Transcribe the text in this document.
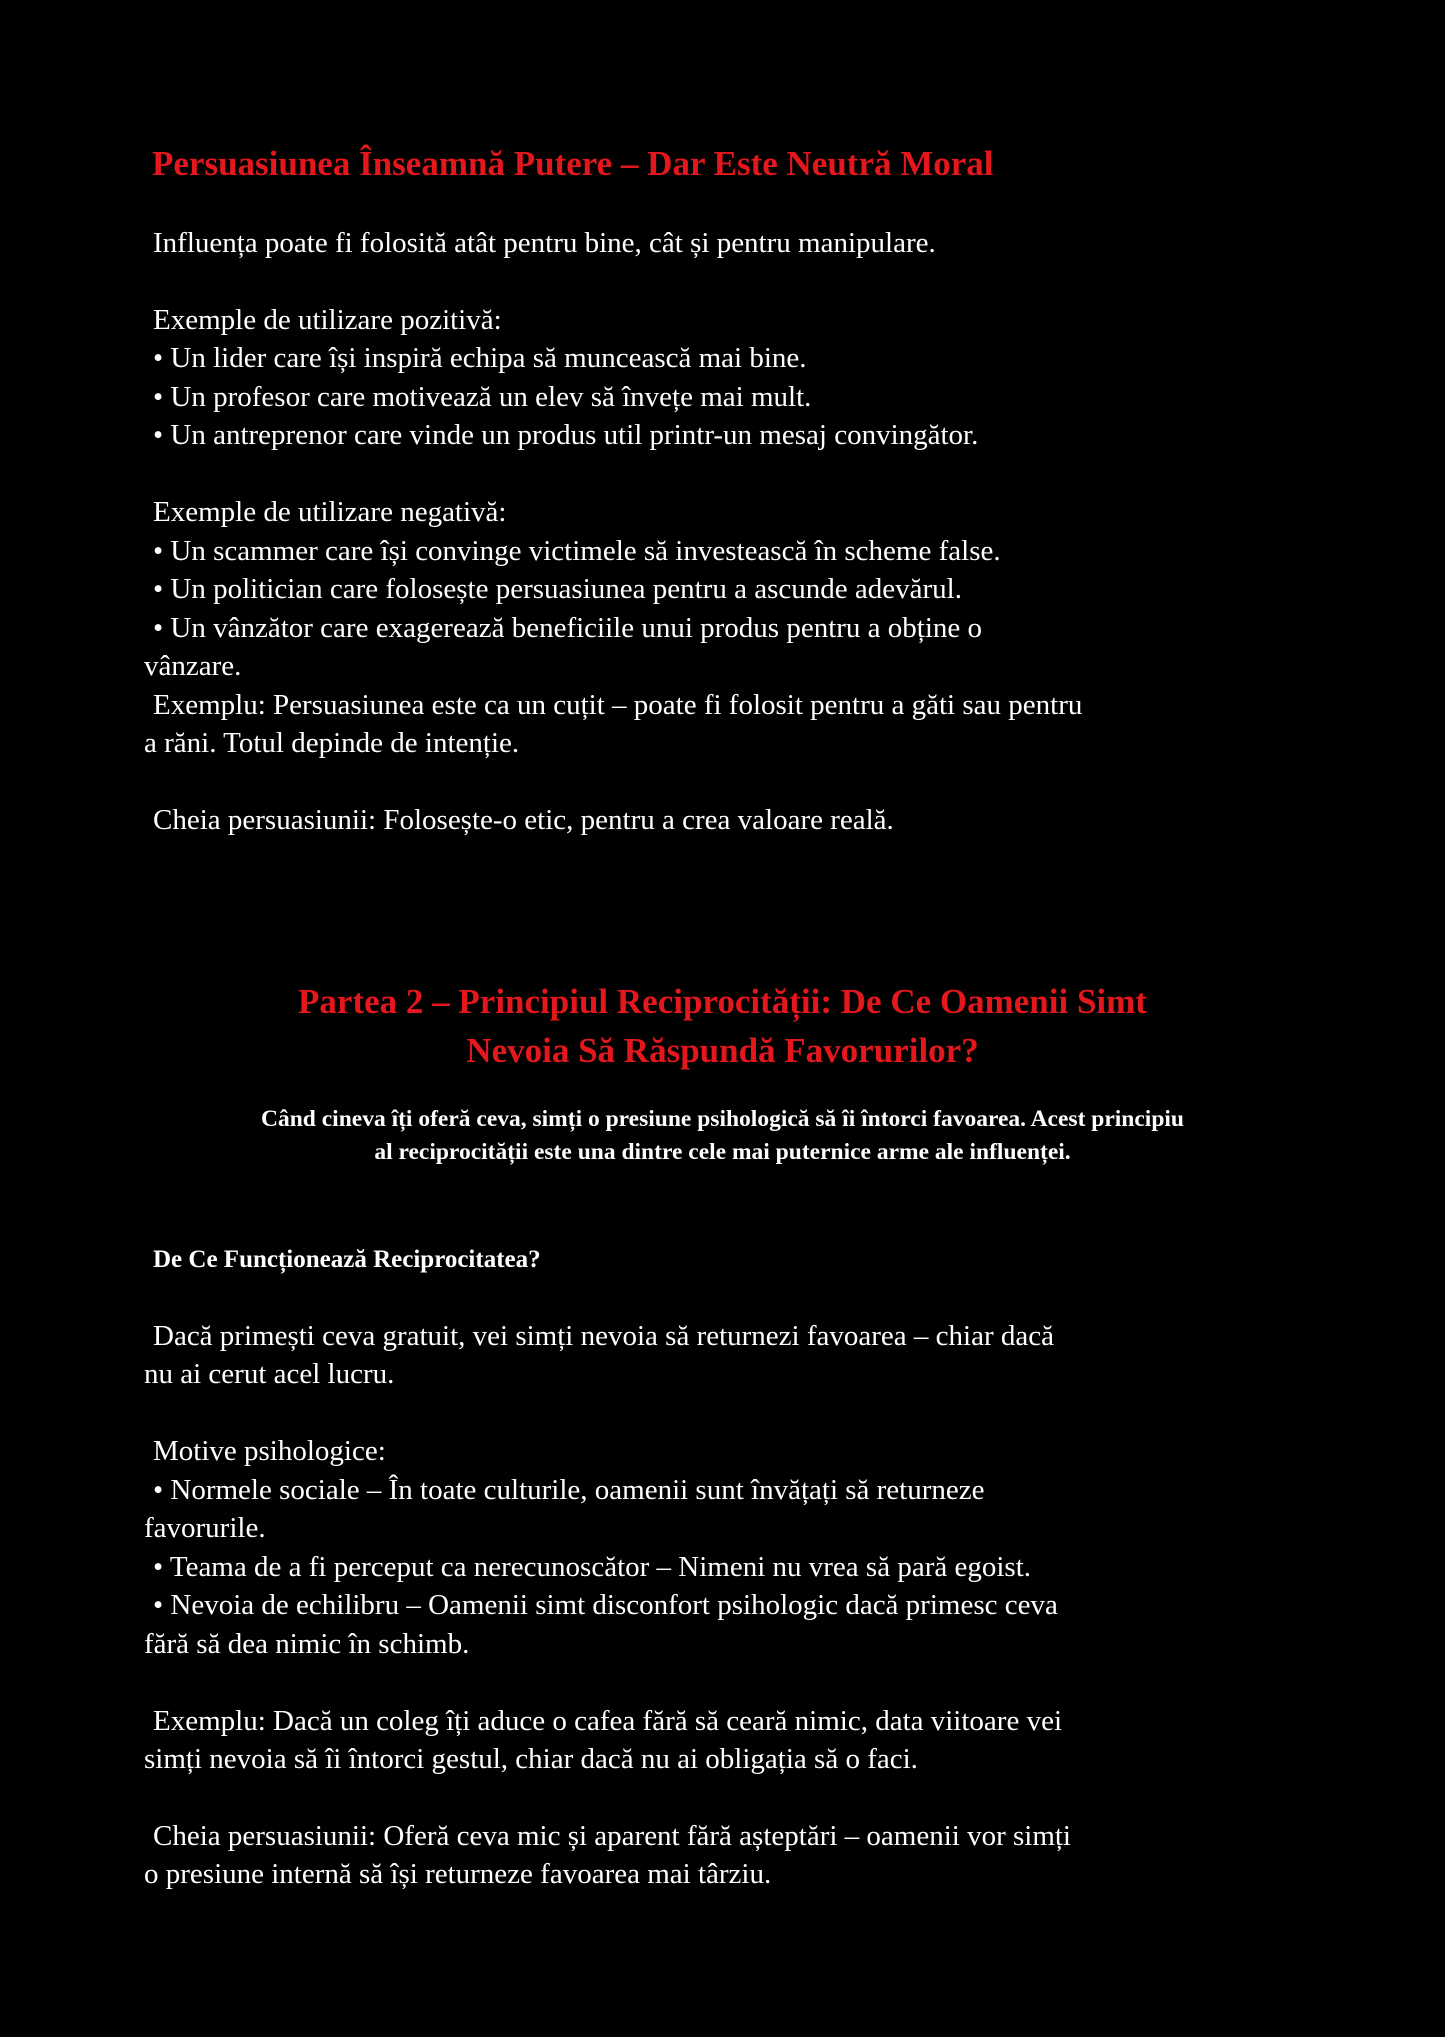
Persuasiunea Înseamnă Putere – Dar Este Neutră Moral
Influența poate fi folosită atât pentru bine, cât și pentru manipulare.
Exemple de utilizare pozitivă:
• Un lider care își inspiră echipa să muncească mai bine.
• Un profesor care motivează un elev să învețe mai mult.
• Un antreprenor care vinde un produs util printr-un mesaj convingător.
Exemple de utilizare negativă:
• Un scammer care își convinge victimele să investească în scheme false.
• Un politician care folosește persuasiunea pentru a ascunde adevărul.
• Un vânzător care exagerează beneficiile unui produs pentru a obține o
vânzare.
Exemplu: Persuasiunea este ca un cuțit – poate fi folosit pentru a găti sau pentru
a răni. Totul depinde de intenție.
Cheia persuasiunii: Folosește-o etic, pentru a crea valoare reală.
Partea 2 – Principiul Reciprocității: De Ce Oamenii Simt
Nevoia Să Răspundă Favorurilor?
Când cineva îți oferă ceva, simți o presiune psihologică să îi întorci favoarea. Acest principiu
al reciprocității este una dintre cele mai puternice arme ale influenței.
De Ce Funcționează Reciprocitatea?
Dacă primești ceva gratuit, vei simți nevoia să returnezi favoarea – chiar dacă
nu ai cerut acel lucru.
Motive psihologice:
• Normele sociale – În toate culturile, oamenii sunt învățați să returneze
favorurile.
• Teama de a fi perceput ca nerecunoscător – Nimeni nu vrea să pară egoist.
• Nevoia de echilibru – Oamenii simt disconfort psihologic dacă primesc ceva
fără să dea nimic în schimb.
Exemplu: Dacă un coleg îți aduce o cafea fără să ceară nimic, data viitoare vei
simți nevoia să îi întorci gestul, chiar dacă nu ai obligația să o faci.
Cheia persuasiunii: Oferă ceva mic și aparent fără așteptări – oamenii vor simți
o presiune internă să își returneze favoarea mai târziu.
